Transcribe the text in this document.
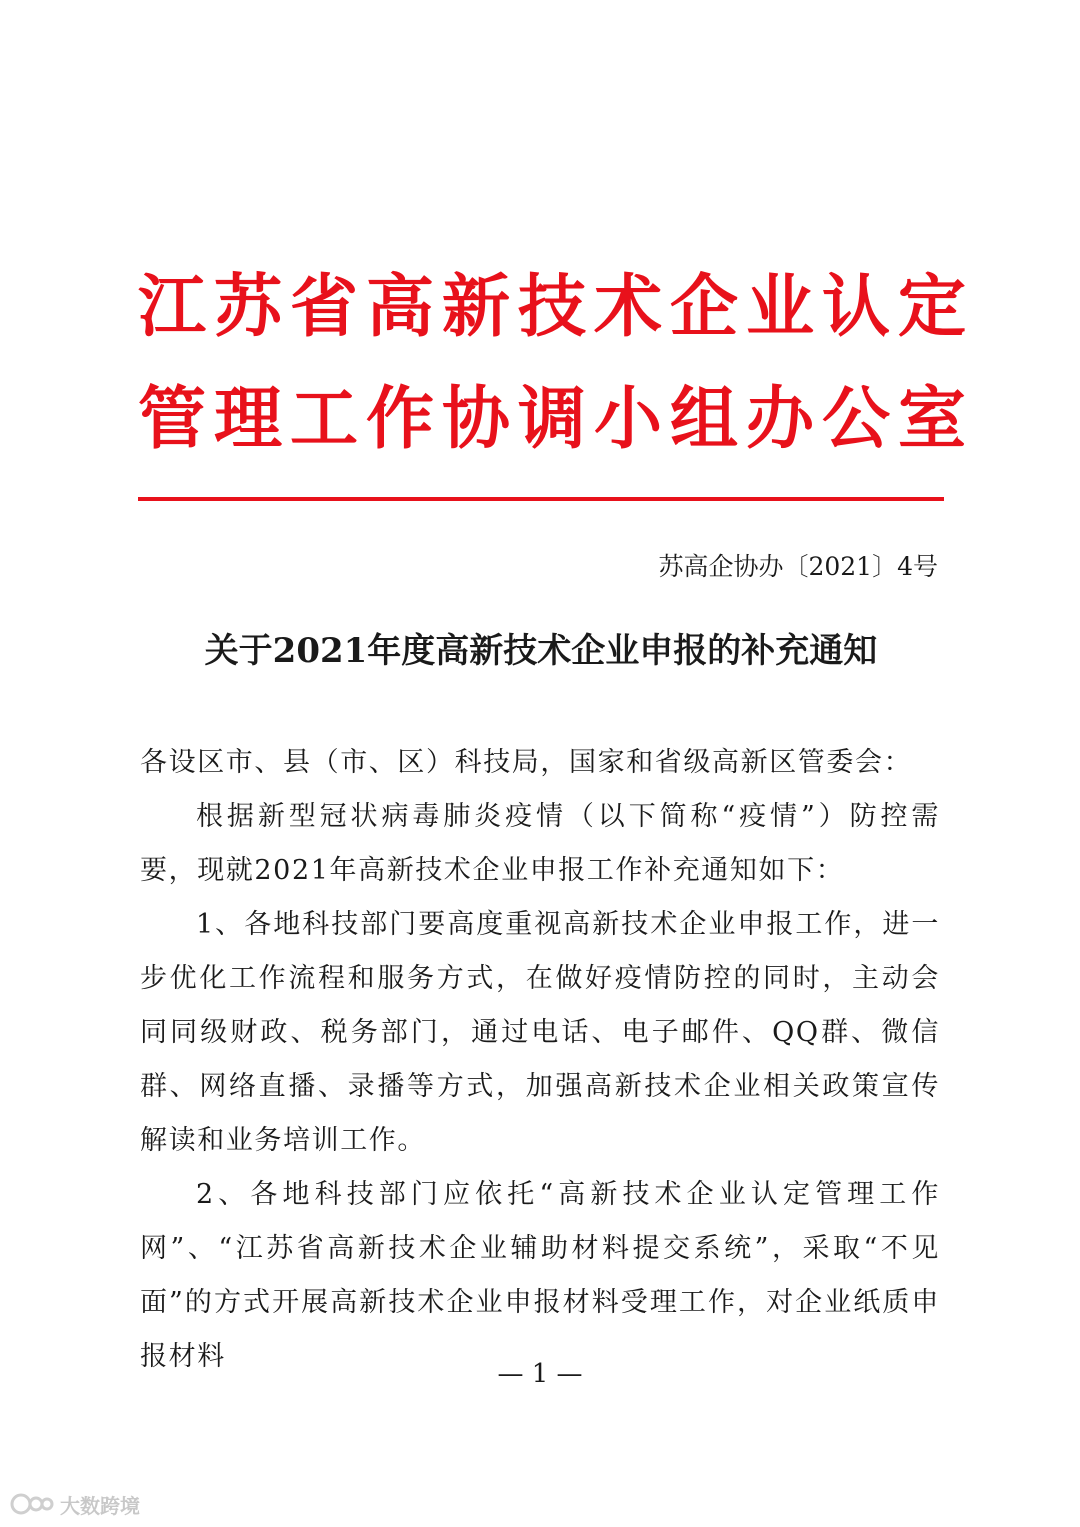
江苏省高新技术企业认定
管理工作协调小组办公室
苏高企协办〔2021〕4号
关于2021年度高新技术企业申报的补充通知

各设区市、县（市、区）科技局，国家和省级高新区管委会：

根据新型冠状病毒肺炎疫情（以下简称“疫情”）防控需要，现就2021年高新技术企业申报工作补充通知如下：

1、各地科技部门要高度重视高新技术企业申报工作，进一步优化工作流程和服务方式，在做好疫情防控的同时，主动会同同级财政、税务部门，通过电话、电子邮件、QQ群、微信群、网络直播、录播等方式，加强高新技术企业相关政策宣传解读和业务培训工作。

2、各地科技部门应依托“高新技术企业认定管理工作网”、“江苏省高新技术企业辅助材料提交系统”，采取“不见面”的方式开展高新技术企业申报材料受理工作，对企业纸质申报材料

— 1 —
大数跨境
